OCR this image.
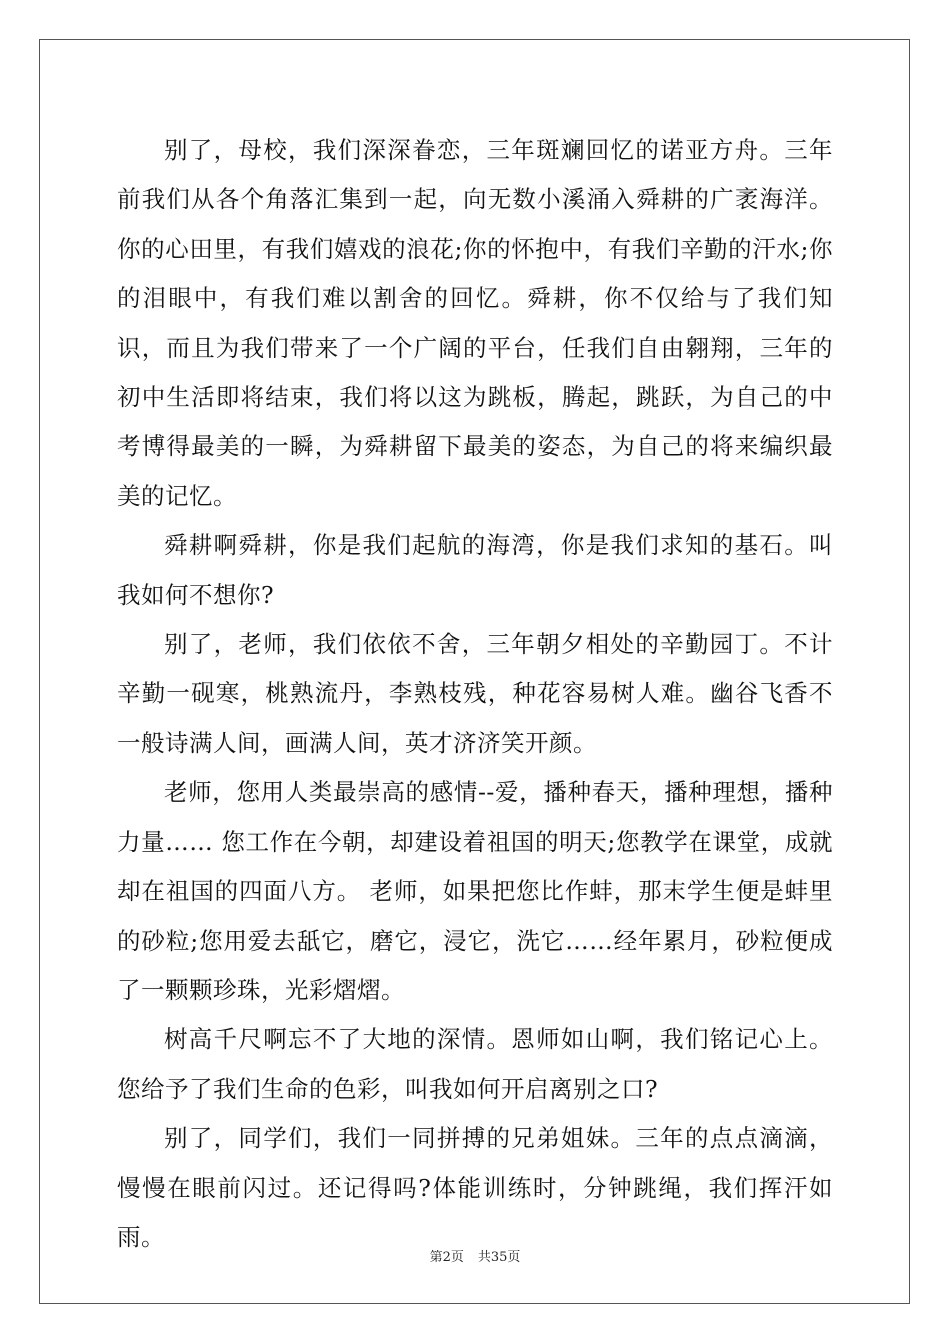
别了，母校，我们深深眷恋，三年斑斓回忆的诺亚方舟。三年前我们从各个角落汇集到一起，向无数小溪涌入舜耕的广袤海洋。你的心田里，有我们嬉戏的浪花;你的怀抱中，有我们辛勤的汗水;你的泪眼中，有我们难以割舍的回忆。舜耕，你不仅给与了我们知识，而且为我们带来了一个广阔的平台，任我们自由翱翔，三年的初中生活即将结束，我们将以这为跳板，腾起，跳跃，为自己的中考博得最美的一瞬，为舜耕留下最美的姿态，为自己的将来编织最美的记忆。

舜耕啊舜耕，你是我们起航的海湾，你是我们求知的基石。叫我如何不想你?

别了，老师，我们依依不舍，三年朝夕相处的辛勤园丁。不计辛勤一砚寒，桃熟流丹，李熟枝残，种花容易树人难。幽谷飞香不一般诗满人间，画满人间，英才济济笑开颜。

老师，您用人类最崇高的感情--爱，播种春天，播种理想，播种力量…… 您工作在今朝，却建设着祖国的明天;您教学在课堂，成就却在祖国的四面八方。 老师，如果把您比作蚌，那末学生便是蚌里的砂粒;您用爱去舐它，磨它，浸它，洗它……经年累月，砂粒便成了一颗颗珍珠，光彩熠熠。

树高千尺啊忘不了大地的深情。恩师如山啊，我们铭记心上。您给予了我们生命的色彩，叫我如何开启离别之口?

别了，同学们，我们一同拼搏的兄弟姐妹。三年的点点滴滴，慢慢在眼前闪过。还记得吗?体能训练时，分钟跳绳，我们挥汗如雨。

第2页 共35页
